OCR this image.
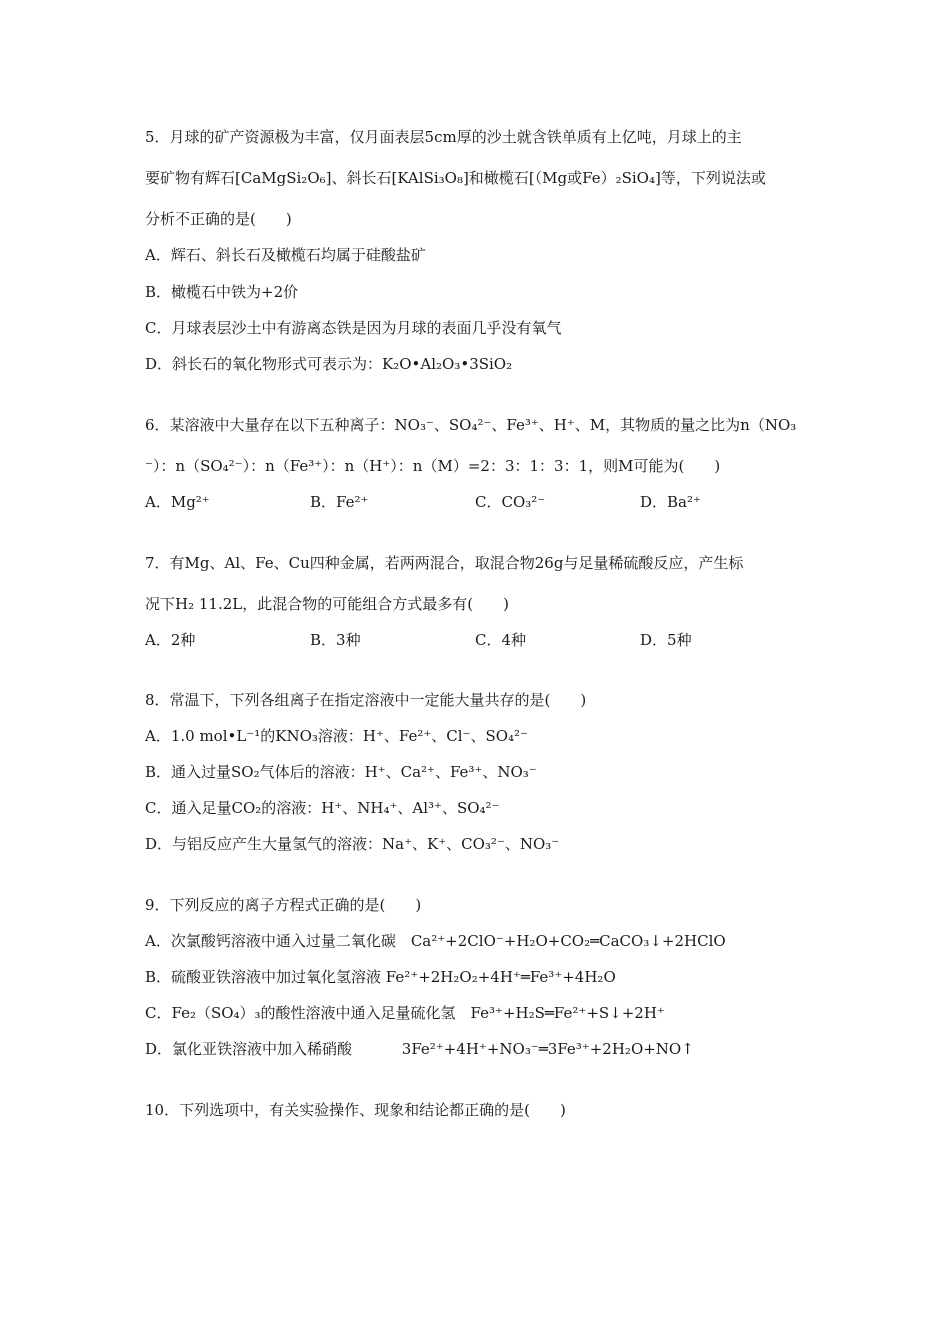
5．月球的矿产资源极为丰富，仅月面表层5cm厚的沙土就含铁单质有上亿吨，月球上的主
要矿物有辉石[CaMgSi₂O₆]、斜长石[KAlSi₃O₈]和橄榄石[（Mg或Fe）₂SiO₄]等，下列说法或
分析不正确的是(　　)
A．辉石、斜长石及橄榄石均属于硅酸盐矿
B．橄榄石中铁为+2价
C．月球表层沙土中有游离态铁是因为月球的表面几乎没有氧气
D．斜长石的氧化物形式可表示为：K₂O•Al₂O₃•3SiO₂
6．某溶液中大量存在以下五种离子：NO₃⁻、SO₄²⁻、Fe³⁺、H⁺、M，其物质的量之比为n（NO₃
⁻）：n（SO₄²⁻）：n（Fe³⁺）：n（H⁺）：n（M）=2：3：1：3：1，则M可能为(　　)
A．Mg²⁺	B．Fe²⁺	C．CO₃²⁻	D．Ba²⁺
7．有Mg、Al、Fe、Cu四种金属，若两两混合，取混合物26g与足量稀硫酸反应，产生标
况下H₂ 11.2L，此混合物的可能组合方式最多有(　　)
A．2种	B．3种	C．4种	D．5种
8．常温下，下列各组离子在指定溶液中一定能大量共存的是(　　)
A．1.0 mol•L⁻¹的KNO₃溶液：H⁺、Fe²⁺、Cl⁻、SO₄²⁻
B．通入过量SO₂气体后的溶液：H⁺、Ca²⁺、Fe³⁺、NO₃⁻
C．通入足量CO₂的溶液：H⁺、NH₄⁺、Al³⁺、SO₄²⁻
D．与铝反应产生大量氢气的溶液：Na⁺、K⁺、CO₃²⁻、NO₃⁻
9．下列反应的离子方程式正确的是(　　)
A．次氯酸钙溶液中通入过量二氧化碳　Ca²⁺+2ClO⁻+H₂O+CO₂═CaCO₃↓+2HClO
B．硫酸亚铁溶液中加过氧化氢溶液 Fe²⁺+2H₂O₂+4H⁺═Fe³⁺+4H₂O
C．Fe₂（SO₄）₃的酸性溶液中通入足量硫化氢　Fe³⁺+H₂S═Fe²⁺+S↓+2H⁺
D．氯化亚铁溶液中加入稀硝酸　　　 3Fe²⁺+4H⁺+NO₃⁻═3Fe³⁺+2H₂O+NO↑
10．下列选项中，有关实验操作、现象和结论都正确的是(　　)
